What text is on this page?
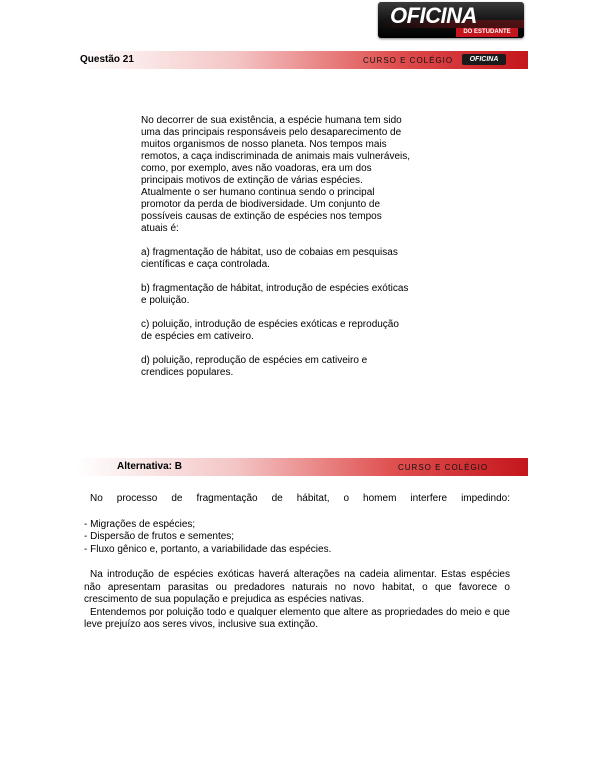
OFICINA
DO ESTUDANTE
Questão 21	CURSO E COLÉGIO	OFICINA

No decorrer de sua existência, a espécie humana tem sido uma das principais responsáveis pelo desaparecimento de muitos organismos de nosso planeta. Nos tempos mais remotos, a caça indiscriminada de animais mais vulneráveis, como, por exemplo, aves não voadoras, era um dos principais motivos de extinção de várias espécies. Atualmente o ser humano continua sendo o principal promotor da perda de biodiversidade. Um conjunto de possíveis causas de extinção de espécies nos tempos atuais é:

a) fragmentação de hábitat, uso de cobaias em pesquisas científicas e caça controlada.

b) fragmentação de hábitat, introdução de espécies exóticas e poluição.

c) poluição, introdução de espécies exóticas e reprodução de espécies em cativeiro.

d) poluição, reprodução de espécies em cativeiro e crendices populares.

Alternativa: B	CURSO E COLÉGIO

No processo de fragmentação de hábitat, o homem interfere impedindo:

- Migrações de espécies;

- Dispersão de frutos e sementes;

- Fluxo gênico e, portanto, a variabilidade das espécies.

Na introdução de espécies exóticas haverá alterações na cadeia alimentar. Estas espécies não apresentam parasitas ou predadores naturais no novo habitat, o que favorece o crescimento de sua população e prejudica as espécies nativas.

Entendemos por poluição todo e qualquer elemento que altere as propriedades do meio e que leve prejuízo aos seres vivos, inclusive sua extinção.
